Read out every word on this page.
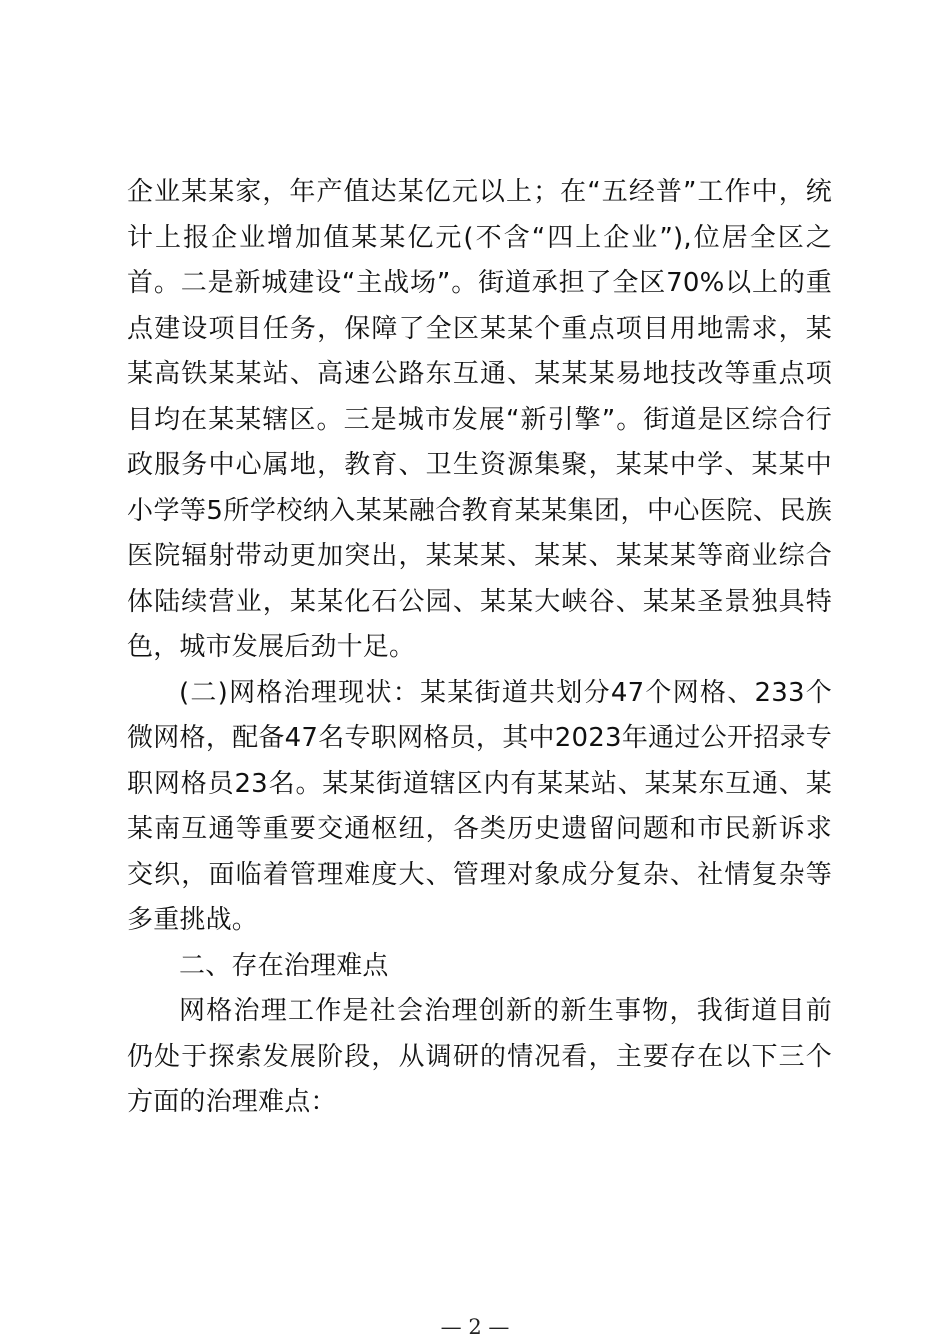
企业某某家，年产值达某亿元以上；在“五经普”工作中，统计上报企业增加值某某亿元(不含“四上企业”),位居全区之首。二是新城建设“主战场”。街道承担了全区70%以上的重点建设项目任务，保障了全区某某个重点项目用地需求，某某高铁某某站、高速公路东互通、某某某易地技改等重点项目均在某某辖区。三是城市发展“新引擎”。街道是区综合行政服务中心属地，教育、卫生资源集聚，某某中学、某某中小学等5所学校纳入某某融合教育某某集团，中心医院、民族医院辐射带动更加突出，某某某、某某、某某某等商业综合体陆续营业，某某化石公园、某某大峡谷、某某圣景独具特色，城市发展后劲十足。

(二)网格治理现状：某某街道共划分47个网格、233个微网格，配备47名专职网格员，其中2023年通过公开招录专职网格员23名。某某街道辖区内有某某站、某某东互通、某某南互通等重要交通枢纽，各类历史遗留问题和市民新诉求交织，面临着管理难度大、管理对象成分复杂、社情复杂等多重挑战。

二、存在治理难点

网格治理工作是社会治理创新的新生事物，我街道目前仍处于探索发展阶段，从调研的情况看，主要存在以下三个方面的治理难点：

— 2 —
